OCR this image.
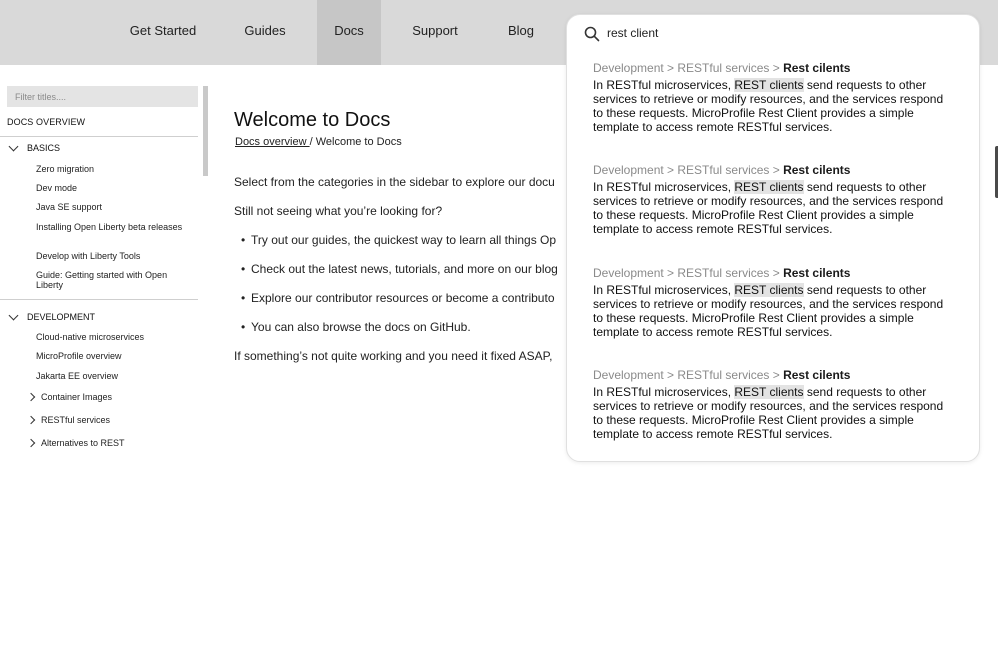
Get Started	Guides	Docs	Support	Blog
Filter titles....
DOCS OVERVIEW
BASICS
Zero migration
Dev mode
Java SE support
Installing Open Liberty beta releases
Develop with Liberty Tools
Guide: Getting started with Open Liberty
DEVELOPMENT
Cloud-native microservices
MicroProfile overview
Jakarta EE overview
Container Images
RESTful services
Alternatives to REST
Welcome to Docs
Docs overview / Welcome to Docs
Select from the categories in the sidebar to explore our docu
Still not seeing what you’re looking for?
• Try out our guides, the quickest way to learn all things Op
• Check out the latest news, tutorials, and more on our blog
• Explore our contributor resources or become a contributo
• You can also browse the docs on GitHub.
If something’s not quite working and you need it fixed ASAP,
rest client
Development > RESTful services > Rest cilents
In RESTful microservices, REST clients send requests to other services to retrieve or modify resources, and the services respond to these requests. MicroProfile Rest Client provides a simple template to access remote RESTful services.
Development > RESTful services > Rest cilents
In RESTful microservices, REST clients send requests to other services to retrieve or modify resources, and the services respond to these requests. MicroProfile Rest Client provides a simple template to access remote RESTful services.
Development > RESTful services > Rest cilents
In RESTful microservices, REST clients send requests to other services to retrieve or modify resources, and the services respond to these requests. MicroProfile Rest Client provides a simple template to access remote RESTful services.
Development > RESTful services > Rest cilents
In RESTful microservices, REST clients send requests to other services to retrieve or modify resources, and the services respond to these requests. MicroProfile Rest Client provides a simple template to access remote RESTful services.
